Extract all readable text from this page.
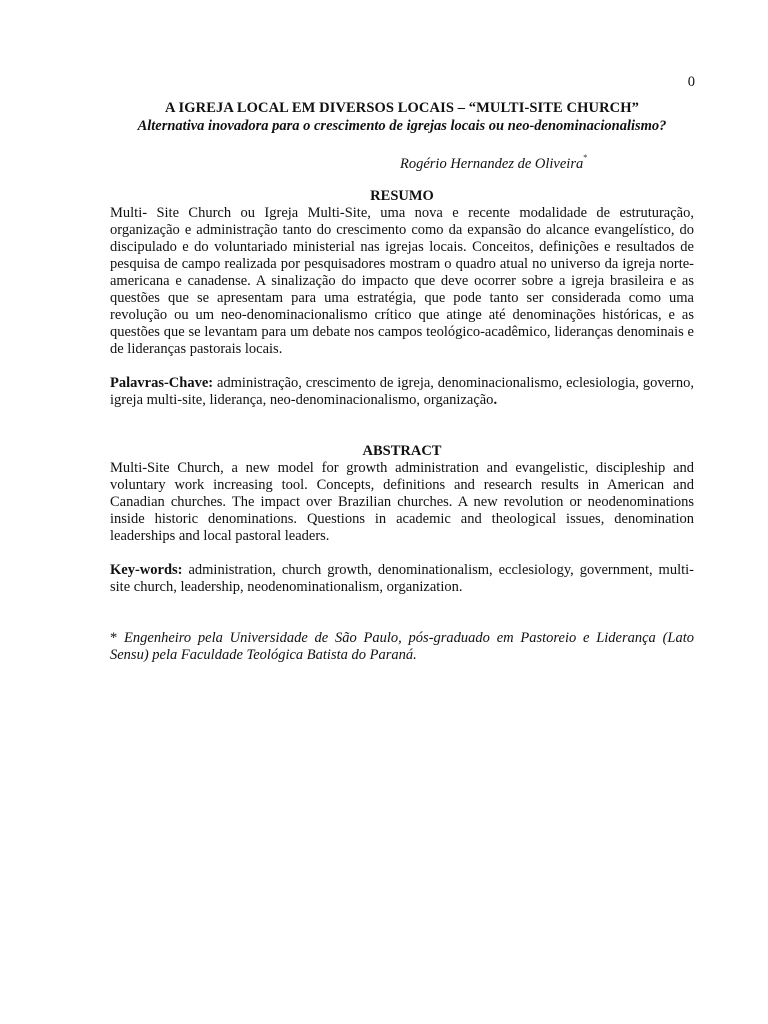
0
A IGREJA LOCAL EM DIVERSOS LOCAIS – “MULTI-SITE CHURCH”
Alternativa inovadora para o crescimento de igrejas locais ou neo-denominacionalismo?
Rogério Hernandez de Oliveira*
RESUMO

Multi- Site Church ou Igreja Multi-Site, uma nova e recente modalidade de estruturação, organização e administração tanto do crescimento como da expansão do alcance evangelístico, do discipulado e do voluntariado ministerial nas igrejas locais. Conceitos, definições e resultados de pesquisa de campo realizada por pesquisadores mostram o quadro atual no universo da igreja norte-americana e canadense. A sinalização do impacto que deve ocorrer sobre a igreja brasileira e as questões que se apresentam para uma estratégia, que pode tanto ser considerada como uma revolução ou um neo-denominacionalismo crítico que atinge até denominações históricas, e as questões que se levantam para um debate nos campos teológico-acadêmico, lideranças denominais e de lideranças pastorais locais.

Palavras-Chave: administração, crescimento de igreja, denominacionalismo, eclesiologia, governo, igreja multi-site, liderança, neo-denominacionalismo, organização.

ABSTRACT

Multi-Site Church, a new model for growth administration and evangelistic, discipleship and voluntary work increasing tool. Concepts, definitions and research results in American and Canadian churches. The impact over Brazilian churches. A new revolution or neodenominations inside historic denominations. Questions in academic and theological issues, denomination leaderships and local pastoral leaders.

Key-words: administration, church growth, denominationalism, ecclesiology, government, multi-site church, leadership, neodenominationalism, organization.

* Engenheiro pela Universidade de São Paulo, pós-graduado em Pastoreio e Liderança (Lato Sensu) pela Faculdade Teológica Batista do Paraná.
